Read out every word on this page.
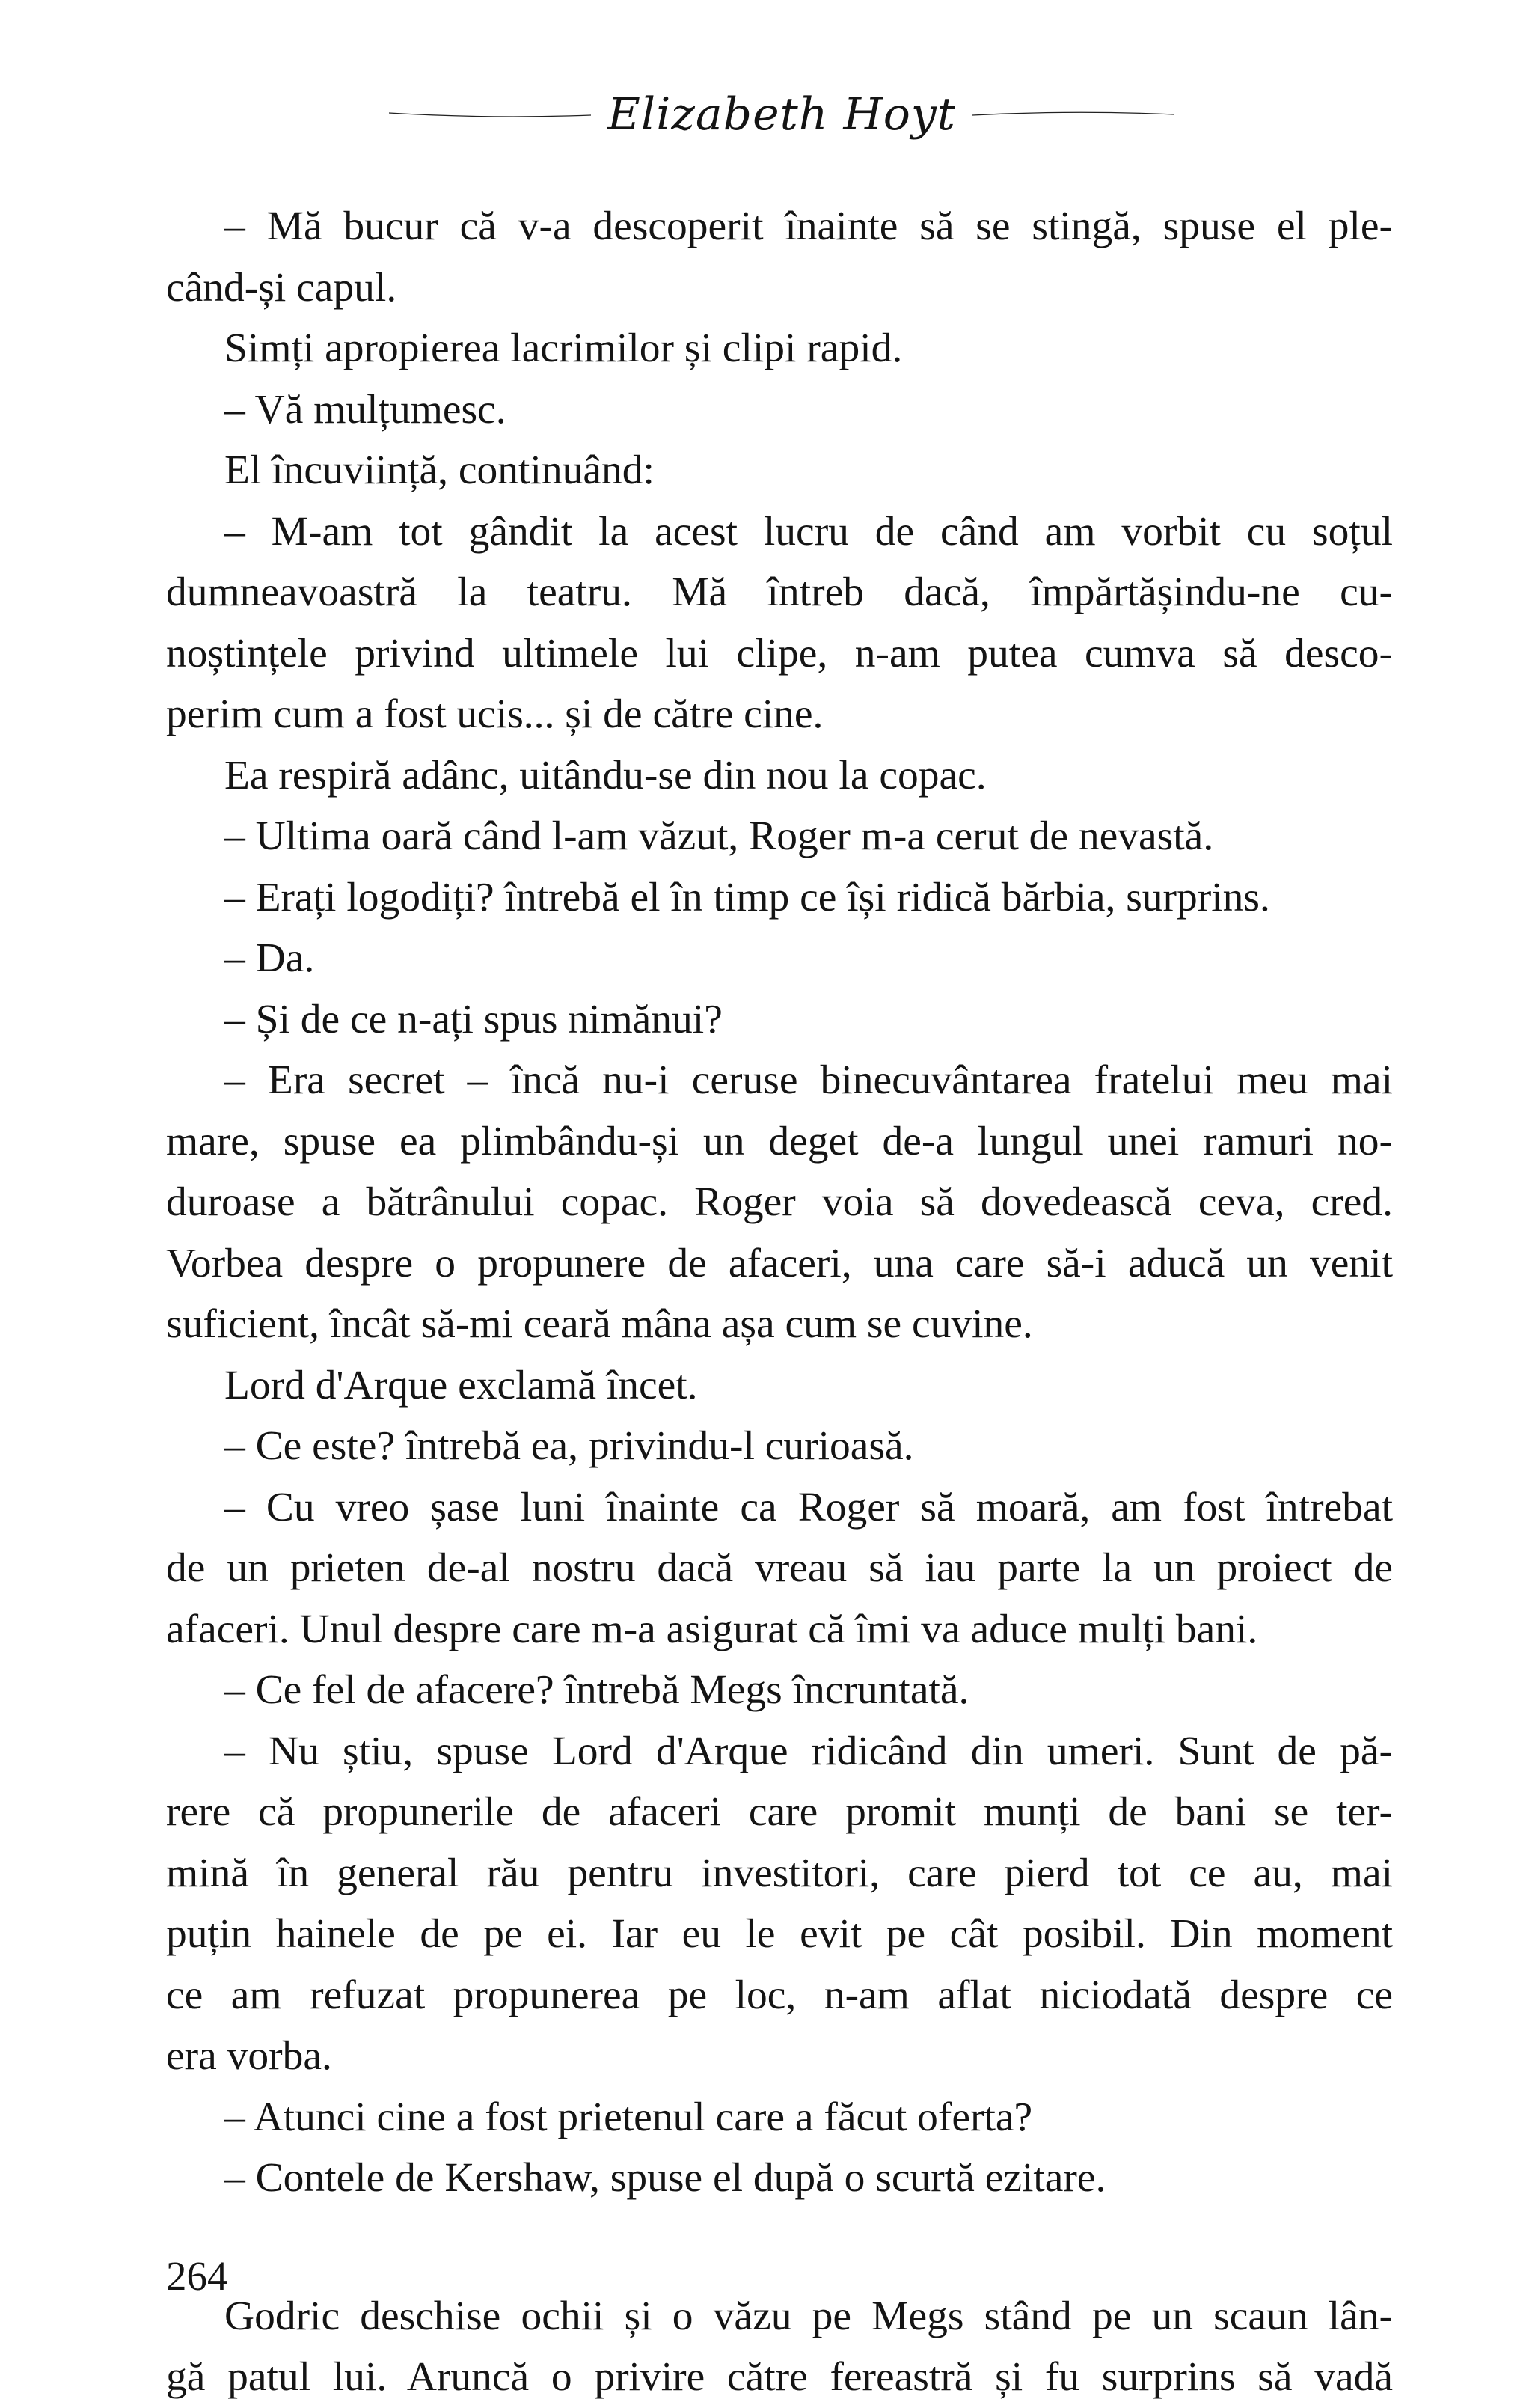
Elizabeth Hoyt
– Mă bucur că v-a descoperit înainte să se stingă, spuse el ple-
când-și capul.
Simți apropierea lacrimilor și clipi rapid.
– Vă mulțumesc.
El încuviință, continuând:
– M-am tot gândit la acest lucru de când am vorbit cu soțul
dumneavoastră la teatru. Mă întreb dacă, împărtășindu-ne cu-
noștințele privind ultimele lui clipe, n-am putea cumva să desco-
perim cum a fost ucis... și de către cine.
Ea respiră adânc, uitându-se din nou la copac.
– Ultima oară când l-am văzut, Roger m-a cerut de nevastă.
– Erați logodiți? întrebă el în timp ce își ridică bărbia, surprins.
– Da.
– Și de ce n-ați spus nimănui?
– Era secret – încă nu-i ceruse binecuvântarea fratelui meu mai
mare, spuse ea plimbându-și un deget de-a lungul unei ramuri no-
duroase a bătrânului copac. Roger voia să dovedească ceva, cred.
Vorbea despre o propunere de afaceri, una care să-i aducă un venit
suficient, încât să-mi ceară mâna așa cum se cuvine.
Lord d'Arque exclamă încet.
– Ce este? întrebă ea, privindu-l curioasă.
– Cu vreo șase luni înainte ca Roger să moară, am fost întrebat
de un prieten de-al nostru dacă vreau să iau parte la un proiect de
afaceri. Unul despre care m-a asigurat că îmi va aduce mulți bani.
– Ce fel de afacere? întrebă Megs încruntată.
– Nu știu, spuse Lord d'Arque ridicând din umeri. Sunt de pă-
rere că propunerile de afaceri care promit munți de bani se ter-
mină în general rău pentru investitori, care pierd tot ce au, mai
puțin hainele de pe ei. Iar eu le evit pe cât posibil. Din moment
ce am refuzat propunerea pe loc, n-am aflat niciodată despre ce
era vorba.
– Atunci cine a fost prietenul care a făcut oferta?
– Contele de Kershaw, spuse el după o scurtă ezitare.
Godric deschise ochii și o văzu pe Megs stând pe un scaun lân-
gă patul lui. Aruncă o privire către fereastră și fu surprins să vadă
264
